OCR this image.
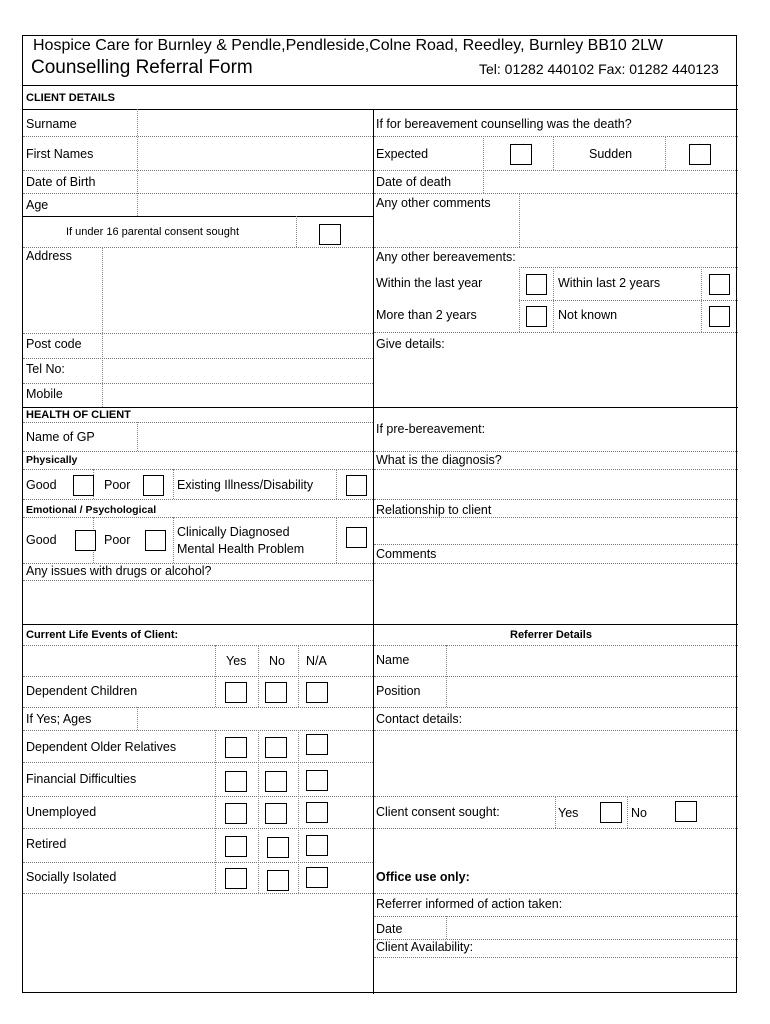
Hospice Care for Burnley & Pendle,Pendleside,Colne Road, Reedley, Burnley BB10 2LW
Counselling Referral Form	Tel: 01282 440102 Fax: 01282 440123
CLIENT DETAILS
Surname
First Names
Date of Birth
Age
If under 16 parental consent sought
Address
Post code
Tel No:
Mobile
If for bereavement counselling was the death?
Expected	Sudden
Date of death
Any other comments
Any other bereavements:
Within the last year	Within last 2 years
More than 2 years	Not known
Give details:
HEALTH OF CLIENT
Name of GP
Physically
Good	Poor	Existing Illness/Disability
Emotional / Psychological
Good	Poor
Clinically Diagnosed
Mental Health Problem
Any issues with drugs or alcohol?
If pre-bereavement:
What is the diagnosis?
Relationship to client
Comments
Current Life Events of Client:
Yes No N/A
Dependent Children
If Yes; Ages
Dependent Older Relatives
Financial Difficulties
Unemployed
Retired
Socially Isolated
Referrer Details
Name
Position
Contact details:
Client consent sought:	Yes	No
Office use only:
Referrer informed of action taken:
Date
Client Availability:
